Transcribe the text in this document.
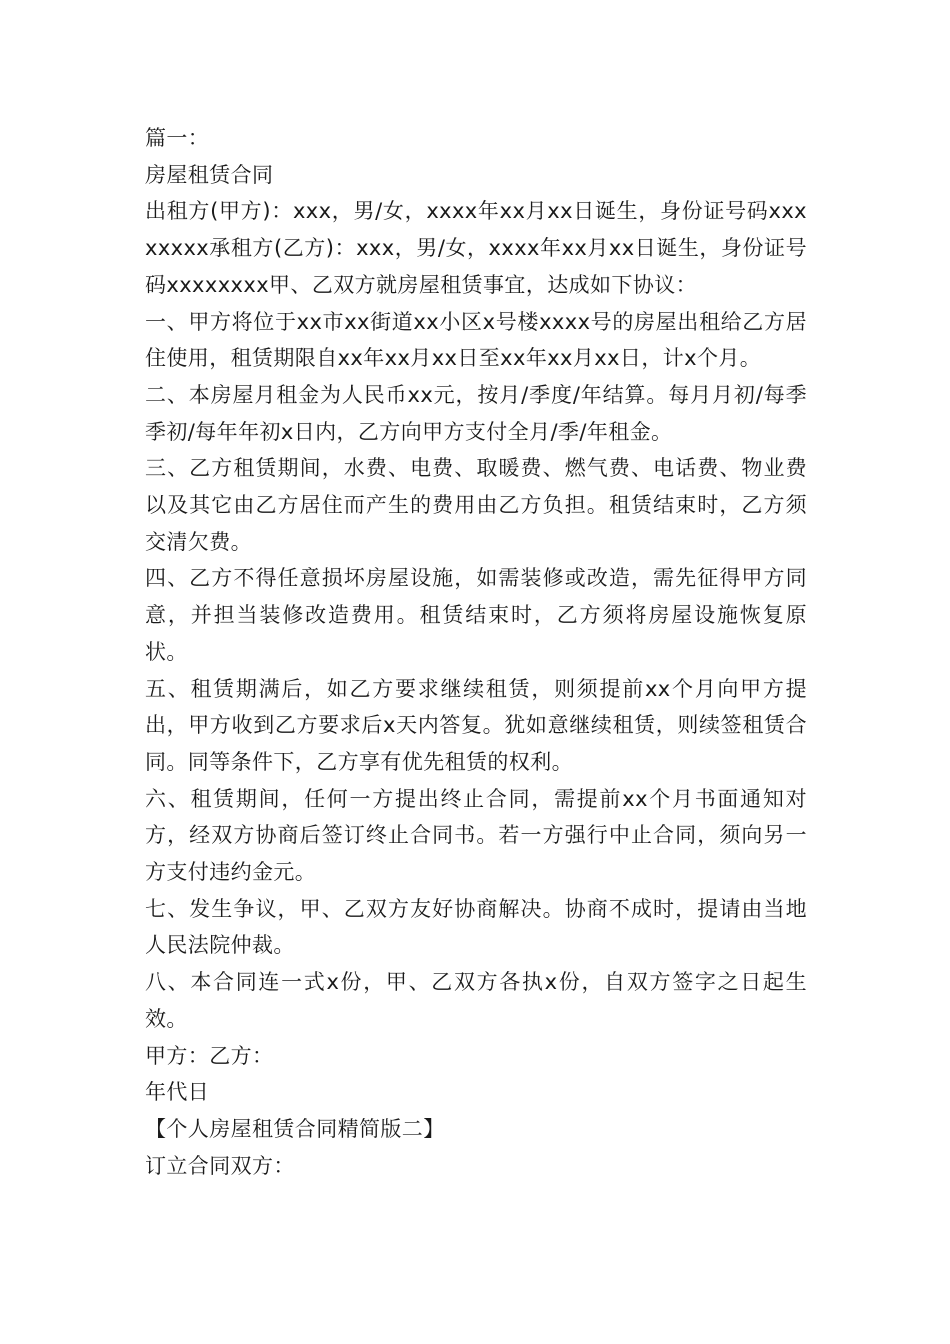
篇一：

房屋租赁合同

出租方(甲方)：xxx，男/女，xxxx年xx月xx日诞生，身份证号码xxxxxxxx承租方(乙方)：xxx，男/女，xxxx年xx月xx日诞生，身份证号码xxxxxxxx甲、乙双方就房屋租赁事宜，达成如下协议：

一、甲方将位于xx市xx街道xx小区x号楼xxxx号的房屋出租给乙方居住使用，租赁期限自xx年xx月xx日至xx年xx月xx日，计x个月。

二、本房屋月租金为人民币xx元，按月/季度/年结算。每月月初/每季季初/每年年初x日内，乙方向甲方支付全月/季/年租金。

三、乙方租赁期间，水费、电费、取暖费、燃气费、电话费、物业费以及其它由乙方居住而产生的费用由乙方负担。租赁结束时，乙方须交清欠费。

四、乙方不得任意损坏房屋设施，如需装修或改造，需先征得甲方同意，并担当装修改造费用。租赁结束时，乙方须将房屋设施恢复原状。

五、租赁期满后，如乙方要求继续租赁，则须提前xx个月向甲方提出，甲方收到乙方要求后x天内答复。犹如意继续租赁，则续签租赁合同。同等条件下，乙方享有优先租赁的权利。

六、租赁期间，任何一方提出终止合同，需提前xx个月书面通知对方，经双方协商后签订终止合同书。若一方强行中止合同，须向另一方支付违约金元。

七、发生争议，甲、乙双方友好协商解决。协商不成时，提请由当地人民法院仲裁。

八、本合同连一式x份，甲、乙双方各执x份，自双方签字之日起生效。

甲方：乙方：

年代日

【个人房屋租赁合同精简版二】

订立合同双方：
